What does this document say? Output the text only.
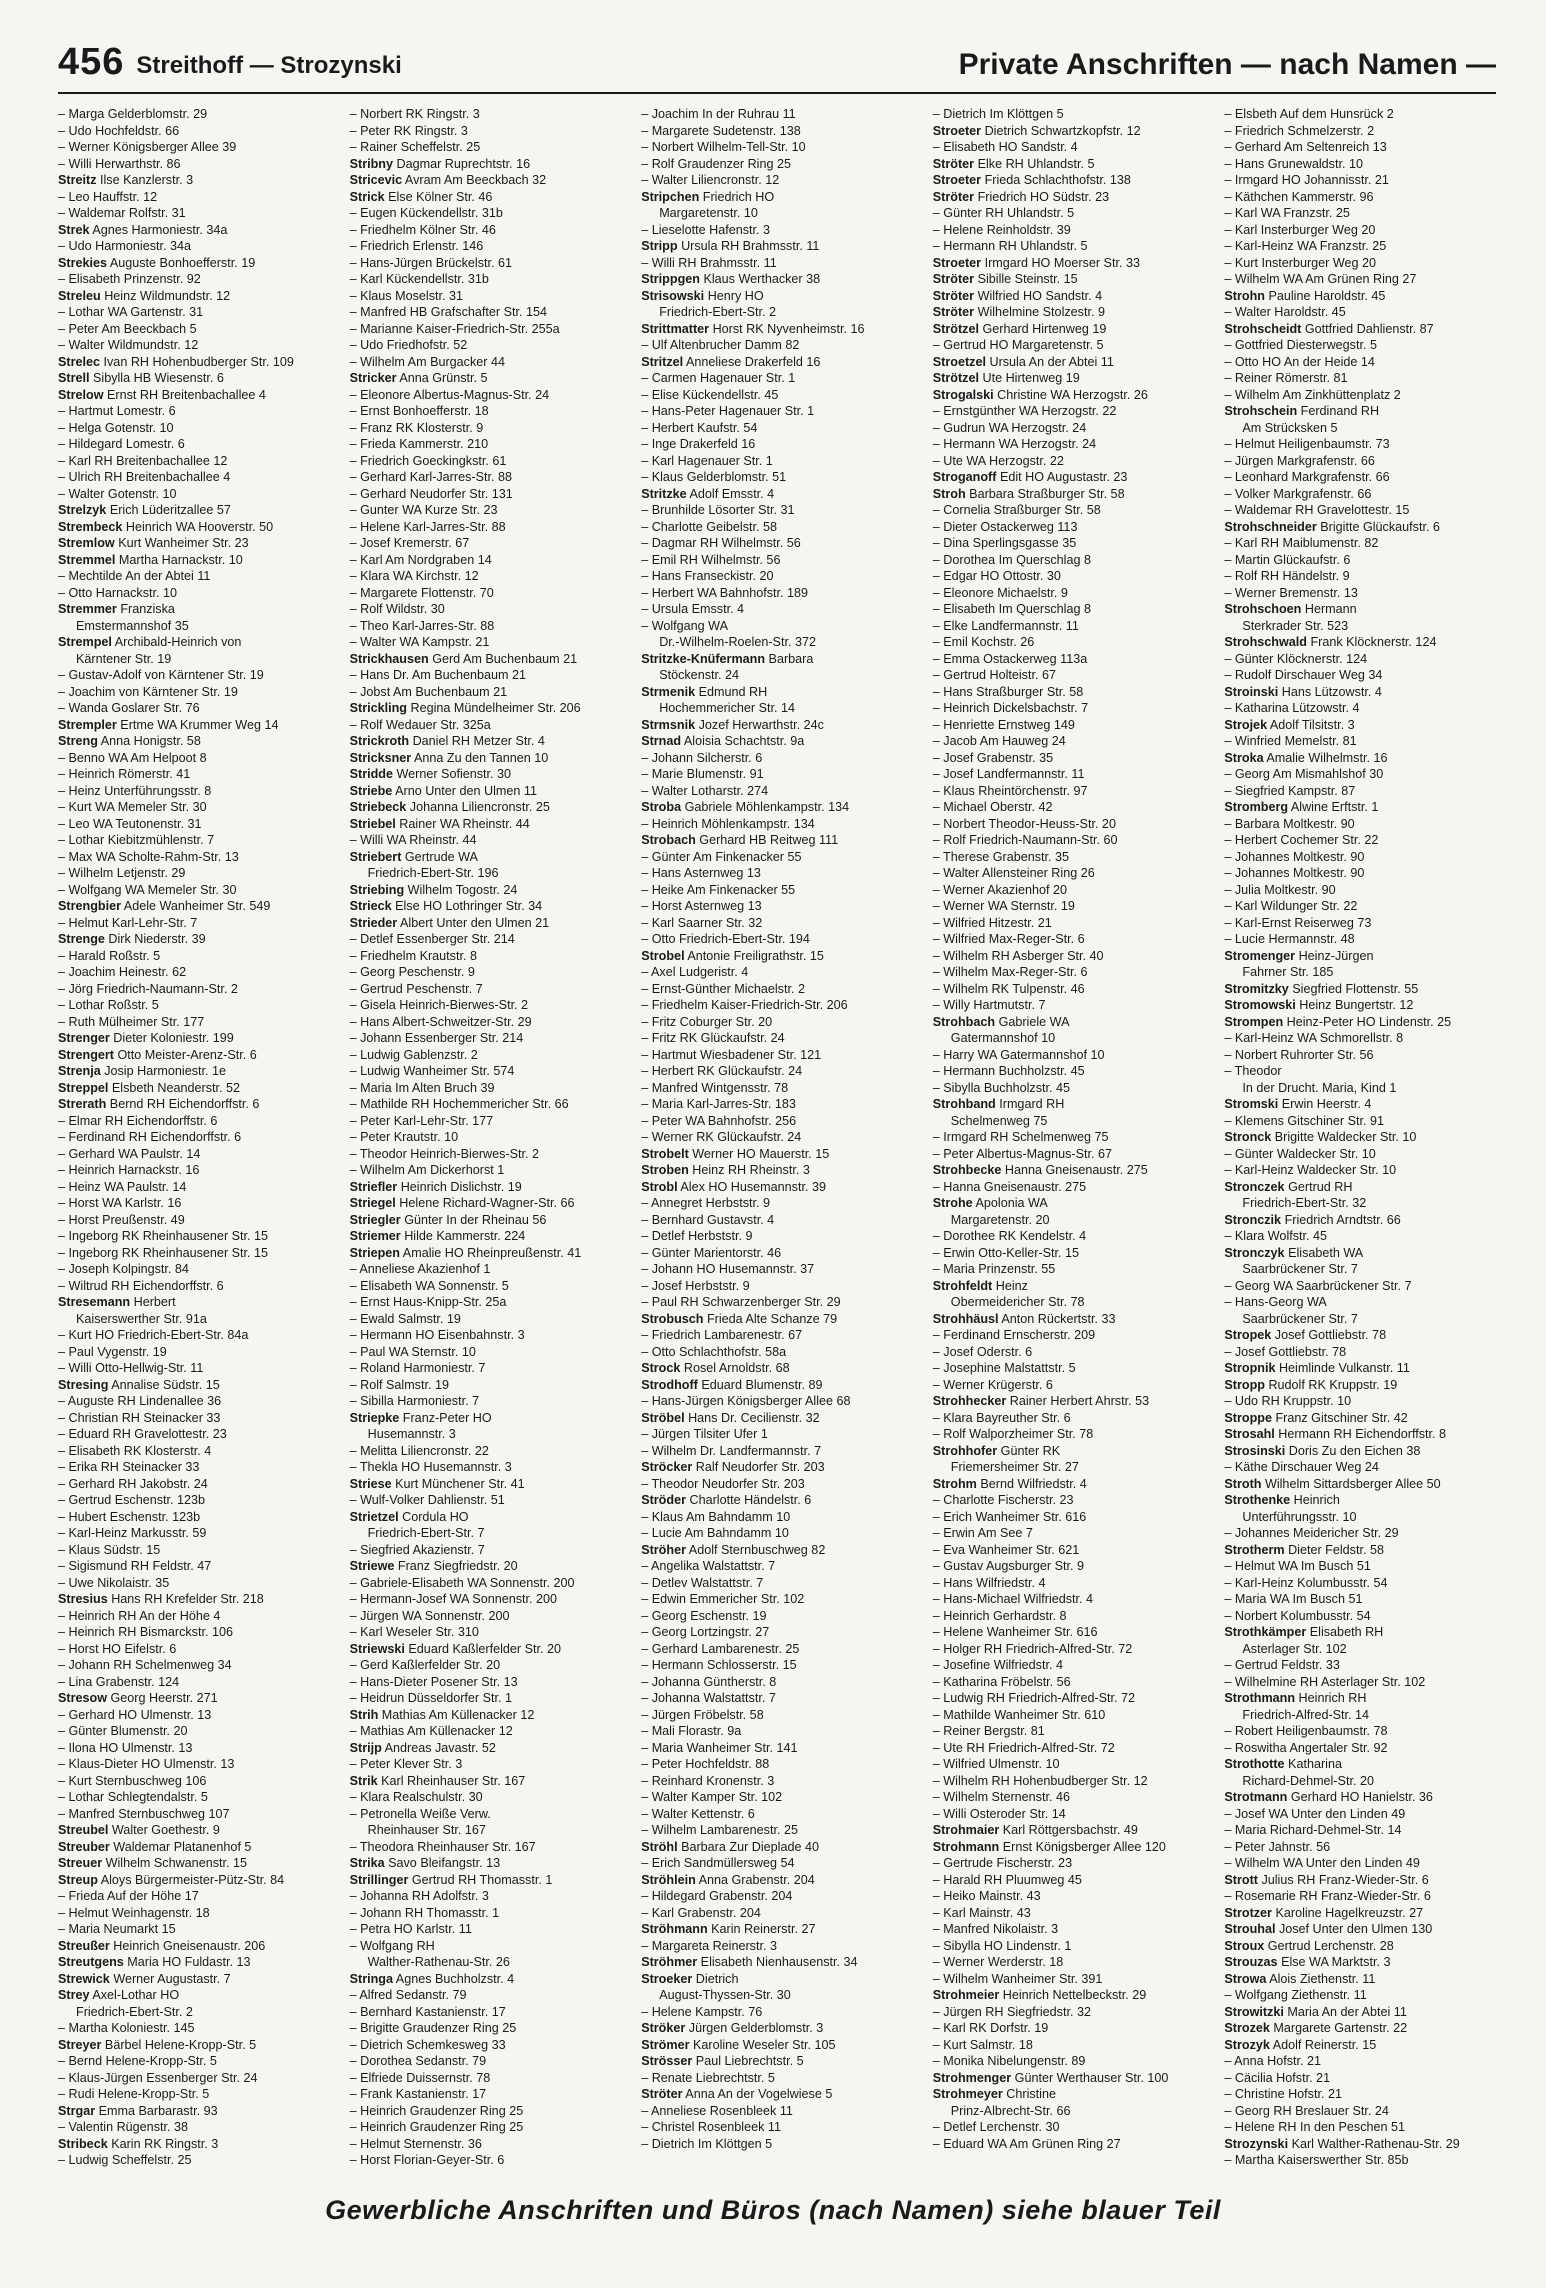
456 Streithoff — Strozynski	Private Anschriften — nach Namen —
– Marga Gelderblomstr. 29
– Udo Hochfeldstr. 66
– Werner Königsberger Allee 39
– Willi Herwarthstr. 86
Streitz Ilse Kanzlerstr. 3
– Leo Hauffstr. 12
– Waldemar Rolfstr. 31
Strek Agnes Harmoniestr. 34a
– Udo Harmoniestr. 34a
Strekies Auguste Bonhoefferstr. 19
– Elisabeth Prinzenstr. 92
Streleu Heinz Wildmundstr. 12
– Lothar WA Gartenstr. 31
– Peter Am Beeckbach 5
– Walter Wildmundstr. 12
Strelec Ivan RH Hohenbudberger Str. 109
Strell Sibylla HB Wiesenstr. 6
Strelow Ernst RH Breitenbachallee 4
– Hartmut Lomestr. 6
– Helga Gotenstr. 10
– Hildegard Lomestr. 6
– Karl RH Breitenbachallee 12
– Ulrich RH Breitenbachallee 4
– Walter Gotenstr. 10
Strelzyk Erich Lüderitzallee 57
Strembeck Heinrich WA Hooverstr. 50
Stremlow Kurt Wanheimer Str. 23
Stremmel Martha Harnackstr. 10
– Mechtilde An der Abtei 11
– Otto Harnackstr. 10
Stremmer Franziska
Emstermannshof 35
Strempel Archibald-Heinrich von
Kärntener Str. 19
– Gustav-Adolf von Kärntener Str. 19
– Joachim von Kärntener Str. 19
– Wanda Goslarer Str. 76
Strempler Ertme WA Krummer Weg 14
Streng Anna Honigstr. 58
– Benno WA Am Helpoot 8
– Heinrich Römerstr. 41
– Heinz Unterführungsstr. 8
– Kurt WA Memeler Str. 30
– Leo WA Teutonenstr. 31
– Lothar Kiebitzmühlenstr. 7
– Max WA Scholte-Rahm-Str. 13
– Wilhelm Letjenstr. 29
– Wolfgang WA Memeler Str. 30
Strengbier Adele Wanheimer Str. 549
– Helmut Karl-Lehr-Str. 7
Strenge Dirk Niederstr. 39
– Harald Roßstr. 5
– Joachim Heinestr. 62
– Jörg Friedrich-Naumann-Str. 2
– Lothar Roßstr. 5
– Ruth Mülheimer Str. 177
Strenger Dieter Koloniestr. 199
Strengert Otto Meister-Arenz-Str. 6
Strenja Josip Harmoniestr. 1e
Streppel Elsbeth Neanderstr. 52
Strerath Bernd RH Eichendorffstr. 6
– Elmar RH Eichendorffstr. 6
– Ferdinand RH Eichendorffstr. 6
– Gerhard WA Paulstr. 14
– Heinrich Harnackstr. 16
– Heinz WA Paulstr. 14
– Horst WA Karlstr. 16
– Horst Preußenstr. 49
– Ingeborg RK Rheinhausener Str. 15
– Ingeborg RK Rheinhausener Str. 15
– Joseph Kolpingstr. 84
– Wiltrud RH Eichendorffstr. 6
Stresemann Herbert
Kaiserswerther Str. 91a
– Kurt HO Friedrich-Ebert-Str. 84a
– Paul Vygenstr. 19
– Willi Otto-Hellwig-Str. 11
Stresing Annalise Südstr. 15
– Auguste RH Lindenallee 36
– Christian RH Steinacker 33
– Eduard RH Gravelottestr. 23
– Elisabeth RK Klosterstr. 4
– Erika RH Steinacker 33
– Gerhard RH Jakobstr. 24
– Gertrud Eschenstr. 123b
– Hubert Eschenstr. 123b
– Karl-Heinz Markusstr. 59
– Klaus Südstr. 15
– Sigismund RH Feldstr. 47
– Uwe Nikolaistr. 35
Stresius Hans RH Krefelder Str. 218
– Heinrich RH An der Höhe 4
– Heinrich RH Bismarckstr. 106
– Horst HO Eifelstr. 6
– Johann RH Schelmenweg 34
– Lina Grabenstr. 124
Stresow Georg Heerstr. 271
– Gerhard HO Ulmenstr. 13
– Günter Blumenstr. 20
– Ilona HO Ulmenstr. 13
– Klaus-Dieter HO Ulmenstr. 13
– Kurt Sternbuschweg 106
– Lothar Schlegtendalstr. 5
– Manfred Sternbuschweg 107
Streubel Walter Goethestr. 9
Streuber Waldemar Platanenhof 5
Streuer Wilhelm Schwanenstr. 15
Streup Aloys Bürgermeister-Pütz-Str. 84
– Frieda Auf der Höhe 17
– Helmut Weinhagenstr. 18
– Maria Neumarkt 15
Streußer Heinrich Gneisenaustr. 206
Streutgens Maria HO Fuldastr. 13
Strewick Werner Augustastr. 7
Strey Axel-Lothar HO
Friedrich-Ebert-Str. 2
– Martha Koloniestr. 145
Streyer Bärbel Helene-Kropp-Str. 5
– Bernd Helene-Kropp-Str. 5
– Klaus-Jürgen Essenberger Str. 24
– Rudi Helene-Kropp-Str. 5
Strgar Emma Barbarastr. 93
– Valentin Rügenstr. 38
Stribeck Karin RK Ringstr. 3
– Ludwig Scheffelstr. 25
– Norbert RK Ringstr. 3
– Peter RK Ringstr. 3
– Rainer Scheffelstr. 25
Stribny Dagmar Ruprechtstr. 16
Stricevic Avram Am Beeckbach 32
Strick Else Kölner Str. 46
– Eugen Kückendellstr. 31b
– Friedhelm Kölner Str. 46
– Friedrich Erlenstr. 146
– Hans-Jürgen Brückelstr. 61
– Karl Kückendellstr. 31b
– Klaus Moselstr. 31
– Manfred HB Grafschafter Str. 154
– Marianne Kaiser-Friedrich-Str. 255a
– Udo Friedhofstr. 52
– Wilhelm Am Burgacker 44
Stricker Anna Grünstr. 5
– Eleonore Albertus-Magnus-Str. 24
– Ernst Bonhoefferstr. 18
– Franz RK Klosterstr. 9
– Frieda Kammerstr. 210
– Friedrich Goeckingkstr. 61
– Gerhard Karl-Jarres-Str. 88
– Gerhard Neudorfer Str. 131
– Gunter WA Kurze Str. 23
– Helene Karl-Jarres-Str. 88
– Josef Kremerstr. 67
– Karl Am Nordgraben 14
– Klara WA Kirchstr. 12
– Margarete Flottenstr. 70
– Rolf Wildstr. 30
– Theo Karl-Jarres-Str. 88
– Walter WA Kampstr. 21
Strickhausen Gerd Am Buchenbaum 21
– Hans Dr. Am Buchenbaum 21
– Jobst Am Buchenbaum 21
Strickling Regina Mündelheimer Str. 206
– Rolf Wedauer Str. 325a
Strickroth Daniel RH Metzer Str. 4
Stricksner Anna Zu den Tannen 10
Stridde Werner Sofienstr. 30
Striebe Arno Unter den Ulmen 11
Striebeck Johanna Liliencronstr. 25
Striebel Rainer WA Rheinstr. 44
– Willi WA Rheinstr. 44
Striebert Gertrude WA
Friedrich-Ebert-Str. 196
Striebing Wilhelm Togostr. 24
Strieck Else HO Lothringer Str. 34
Strieder Albert Unter den Ulmen 21
– Detlef Essenberger Str. 214
– Friedhelm Krautstr. 8
– Georg Peschenstr. 9
– Gertrud Peschenstr. 7
– Gisela Heinrich-Bierwes-Str. 2
– Hans Albert-Schweitzer-Str. 29
– Johann Essenberger Str. 214
– Ludwig Gablenzstr. 2
– Ludwig Wanheimer Str. 574
– Maria Im Alten Bruch 39
– Mathilde RH Hochemmericher Str. 66
– Peter Karl-Lehr-Str. 177
– Peter Krautstr. 10
– Theodor Heinrich-Bierwes-Str. 2
– Wilhelm Am Dickerhorst 1
Striefler Heinrich Dislichstr. 19
Striegel Helene Richard-Wagner-Str. 66
Striegler Günter In der Rheinau 56
Striemer Hilde Kammerstr. 224
Striepen Amalie HO Rheinpreußenstr. 41
– Anneliese Akazienhof 1
– Elisabeth WA Sonnenstr. 5
– Ernst Haus-Knipp-Str. 25a
– Ewald Salmstr. 19
– Hermann HO Eisenbahnstr. 3
– Paul WA Sternstr. 10
– Roland Harmoniestr. 7
– Rolf Salmstr. 19
– Sibilla Harmoniestr. 7
Striepke Franz-Peter HO
Husemannstr. 3
– Melitta Liliencronstr. 22
– Thekla HO Husemannstr. 3
Striese Kurt Münchener Str. 41
– Wulf-Volker Dahlienstr. 51
Strietzel Cordula HO
Friedrich-Ebert-Str. 7
– Siegfried Akazienstr. 7
Striewe Franz Siegfriedstr. 20
– Gabriele-Elisabeth WA Sonnenstr. 200
– Hermann-Josef WA Sonnenstr. 200
– Jürgen WA Sonnenstr. 200
– Karl Weseler Str. 310
Striewski Eduard Kaßlerfelder Str. 20
– Gerd Kaßlerfelder Str. 20
– Hans-Dieter Posener Str. 13
– Heidrun Düsseldorfer Str. 1
Strih Mathias Am Küllenacker 12
– Mathias Am Küllenacker 12
Strijp Andreas Javastr. 52
– Peter Klever Str. 3
Strik Karl Rheinhauser Str. 167
– Klara Realschulstr. 30
– Petronella Weiße Verw.
Rheinhauser Str. 167
– Theodora Rheinhauser Str. 167
Strika Savo Bleifangstr. 13
Strillinger Gertrud RH Thomasstr. 1
– Johanna RH Adolfstr. 3
– Johann RH Thomasstr. 1
– Petra HO Karlstr. 11
– Wolfgang RH
Walther-Rathenau-Str. 26
Stringa Agnes Buchholzstr. 4
– Alfred Sedanstr. 79
– Bernhard Kastanienstr. 17
– Brigitte Graudenzer Ring 25
– Dietrich Schemkesweg 33
– Dorothea Sedanstr. 79
– Elfriede Duissernstr. 78
– Frank Kastanienstr. 17
– Heinrich Graudenzer Ring 25
– Heinrich Graudenzer Ring 25
– Helmut Sternenstr. 36
– Horst Florian-Geyer-Str. 6
– Joachim In der Ruhrau 11
– Margarete Sudetenstr. 138
– Norbert Wilhelm-Tell-Str. 10
– Rolf Graudenzer Ring 25
– Walter Liliencronstr. 12
Stripchen Friedrich HO
Margaretenstr. 10
– Lieselotte Hafenstr. 3
Stripp Ursula RH Brahmsstr. 11
– Willi RH Brahmsstr. 11
Strippgen Klaus Werthacker 38
Strisowski Henry HO
Friedrich-Ebert-Str. 2
Strittmatter Horst RK Nyvenheimstr. 16
– Ulf Altenbrucher Damm 82
Stritzel Anneliese Drakerfeld 16
– Carmen Hagenauer Str. 1
– Elise Kückendellstr. 45
– Hans-Peter Hagenauer Str. 1
– Herbert Kaufstr. 54
– Inge Drakerfeld 16
– Karl Hagenauer Str. 1
– Klaus Gelderblomstr. 51
Stritzke Adolf Emsstr. 4
– Brunhilde Lösorter Str. 31
– Charlotte Geibelstr. 58
– Dagmar RH Wilhelmstr. 56
– Emil RH Wilhelmstr. 56
– Hans Franseckistr. 20
– Herbert WA Bahnhofstr. 189
– Ursula Emsstr. 4
– Wolfgang WA
Dr.-Wilhelm-Roelen-Str. 372
Stritzke-Knüfermann Barbara
Stöckenstr. 24
Strmenik Edmund RH
Hochemmericher Str. 14
Strmsnik Jozef Herwarthstr. 24c
Strnad Aloisia Schachtstr. 9a
– Johann Silcherstr. 6
– Marie Blumenstr. 91
– Walter Lotharstr. 274
Stroba Gabriele Möhlenkampstr. 134
– Heinrich Möhlenkampstr. 134
Strobach Gerhard HB Reitweg 111
– Günter Am Finkenacker 55
– Hans Asternweg 13
– Heike Am Finkenacker 55
– Horst Asternweg 13
– Karl Saarner Str. 32
– Otto Friedrich-Ebert-Str. 194
Strobel Antonie Freiligrathstr. 15
– Axel Ludgeristr. 4
– Ernst-Günther Michaelstr. 2
– Friedhelm Kaiser-Friedrich-Str. 206
– Fritz Coburger Str. 20
– Fritz RK Glückaufstr. 24
– Hartmut Wiesbadener Str. 121
– Herbert RK Glückaufstr. 24
– Manfred Wintgensstr. 78
– Maria Karl-Jarres-Str. 183
– Peter WA Bahnhofstr. 256
– Werner RK Glückaufstr. 24
Strobelt Werner HO Mauerstr. 15
Stroben Heinz RH Rheinstr. 3
Strobl Alex HO Husemannstr. 39
– Annegret Herbststr. 9
– Bernhard Gustavstr. 4
– Detlef Herbststr. 9
– Günter Marientorstr. 46
– Johann HO Husemannstr. 37
– Josef Herbststr. 9
– Paul RH Schwarzenberger Str. 29
Strobusch Frieda Alte Schanze 79
– Friedrich Lambarenestr. 67
– Otto Schlachthofstr. 58a
Strock Rosel Arnoldstr. 68
Strodhoff Eduard Blumenstr. 89
– Hans-Jürgen Königsberger Allee 68
Ströbel Hans Dr. Cecilienstr. 32
– Jürgen Tilsiter Ufer 1
– Wilhelm Dr. Landfermannstr. 7
Ströcker Ralf Neudorfer Str. 203
– Theodor Neudorfer Str. 203
Ströder Charlotte Händelstr. 6
– Klaus Am Bahndamm 10
– Lucie Am Bahndamm 10
Ströher Adolf Sternbuschweg 82
– Angelika Walstattstr. 7
– Detlev Walstattstr. 7
– Edwin Emmericher Str. 102
– Georg Eschenstr. 19
– Georg Lortzingstr. 27
– Gerhard Lambarenestr. 25
– Hermann Schlosserstr. 15
– Johanna Güntherstr. 8
– Johanna Walstattstr. 7
– Jürgen Fröbelstr. 58
– Mali Florastr. 9a
– Maria Wanheimer Str. 141
– Peter Hochfeldstr. 88
– Reinhard Kronenstr. 3
– Walter Kamper Str. 102
– Walter Kettenstr. 6
– Wilhelm Lambarenestr. 25
Ströhl Barbara Zur Dieplade 40
– Erich Sandmüllersweg 54
Ströhlein Anna Grabenstr. 204
– Hildegard Grabenstr. 204
– Karl Grabenstr. 204
Ströhmann Karin Reinerstr. 27
– Margareta Reinerstr. 3
Ströhmer Elisabeth Nienhausenstr. 34
Stroeker Dietrich
August-Thyssen-Str. 30
– Helene Kampstr. 76
Ströker Jürgen Gelderblomstr. 3
Strömer Karoline Weseler Str. 105
Strösser Paul Liebrechtstr. 5
– Renate Liebrechtstr. 5
Ströter Anna An der Vogelwiese 5
– Anneliese Rosenbleek 11
– Christel Rosenbleek 11
– Dietrich Im Klöttgen 5
– Dietrich Im Klöttgen 5
Stroeter Dietrich Schwartzkopfstr. 12
– Elisabeth HO Sandstr. 4
Ströter Elke RH Uhlandstr. 5
Stroeter Frieda Schlachthofstr. 138
Ströter Friedrich HO Südstr. 23
– Günter RH Uhlandstr. 5
– Helene Reinholdstr. 39
– Hermann RH Uhlandstr. 5
Stroeter Irmgard HO Moerser Str. 33
Ströter Sibille Steinstr. 15
Ströter Wilfried HO Sandstr. 4
Ströter Wilhelmine Stolzestr. 9
Strötzel Gerhard Hirtenweg 19
– Gertrud HO Margaretenstr. 5
Stroetzel Ursula An der Abtei 11
Strötzel Ute Hirtenweg 19
Strogalski Christine WA Herzogstr. 26
– Ernstgünther WA Herzogstr. 22
– Gudrun WA Herzogstr. 24
– Hermann WA Herzogstr. 24
– Ute WA Herzogstr. 22
Stroganoff Edit HO Augustastr. 23
Stroh Barbara Straßburger Str. 58
– Cornelia Straßburger Str. 58
– Dieter Ostackerweg 113
– Dina Sperlingsgasse 35
– Dorothea Im Querschlag 8
– Edgar HO Ottostr. 30
– Eleonore Michaelstr. 9
– Elisabeth Im Querschlag 8
– Elke Landfermannstr. 11
– Emil Kochstr. 26
– Emma Ostackerweg 113a
– Gertrud Holteistr. 67
– Hans Straßburger Str. 58
– Heinrich Dickelsbachstr. 7
– Henriette Ernstweg 149
– Jacob Am Hauweg 24
– Josef Grabenstr. 35
– Josef Landfermannstr. 11
– Klaus Rheintörchenstr. 97
– Michael Oberstr. 42
– Norbert Theodor-Heuss-Str. 20
– Rolf Friedrich-Naumann-Str. 60
– Therese Grabenstr. 35
– Walter Allensteiner Ring 26
– Werner Akazienhof 20
– Werner WA Sternstr. 19
– Wilfried Hitzestr. 21
– Wilfried Max-Reger-Str. 6
– Wilhelm RH Asberger Str. 40
– Wilhelm Max-Reger-Str. 6
– Wilhelm RK Tulpenstr. 46
– Willy Hartmutstr. 7
Strohbach Gabriele WA
Gatermannshof 10
– Harry WA Gatermannshof 10
– Hermann Buchholzstr. 45
– Sibylla Buchholzstr. 45
Strohband Irmgard RH
Schelmenweg 75
– Irmgard RH Schelmenweg 75
– Peter Albertus-Magnus-Str. 67
Strohbecke Hanna Gneisenaustr. 275
– Hanna Gneisenaustr. 275
Strohe Apolonia WA
Margaretenstr. 20
– Dorothee RK Kendelstr. 4
– Erwin Otto-Keller-Str. 15
– Maria Prinzenstr. 55
Strohfeldt Heinz
Obermeidericher Str. 78
Strohhäusl Anton Rückertstr. 33
– Ferdinand Ernscherstr. 209
– Josef Oderstr. 6
– Josephine Malstattstr. 5
– Werner Krügerstr. 6
Strohhecker Rainer Herbert Ahrstr. 53
– Klara Bayreuther Str. 6
– Rolf Walporzheimer Str. 78
Strohhofer Günter RK
Friemersheimer Str. 27
Strohm Bernd Wilfriedstr. 4
– Charlotte Fischerstr. 23
– Erich Wanheimer Str. 616
– Erwin Am See 7
– Eva Wanheimer Str. 621
– Gustav Augsburger Str. 9
– Hans Wilfriedstr. 4
– Hans-Michael Wilfriedstr. 4
– Heinrich Gerhardstr. 8
– Helene Wanheimer Str. 616
– Holger RH Friedrich-Alfred-Str. 72
– Josefine Wilfriedstr. 4
– Katharina Fröbelstr. 56
– Ludwig RH Friedrich-Alfred-Str. 72
– Mathilde Wanheimer Str. 610
– Reiner Bergstr. 81
– Ute RH Friedrich-Alfred-Str. 72
– Wilfried Ulmenstr. 10
– Wilhelm RH Hohenbudberger Str. 12
– Wilhelm Sternenstr. 46
– Willi Osteroder Str. 14
Strohmaier Karl Röttgersbachstr. 49
Strohmann Ernst Königsberger Allee 120
– Gertrude Fischerstr. 23
– Harald RH Pluumweg 45
– Heiko Mainstr. 43
– Karl Mainstr. 43
– Manfred Nikolaistr. 3
– Sibylla HO Lindenstr. 1
– Werner Werderstr. 18
– Wilhelm Wanheimer Str. 391
Strohmeier Heinrich Nettelbeckstr. 29
– Jürgen RH Siegfriedstr. 32
– Karl RK Dorfstr. 19
– Kurt Salmstr. 18
– Monika Nibelungenstr. 89
Strohmenger Günter Werthauser Str. 100
Strohmeyer Christine
Prinz-Albrecht-Str. 66
– Detlef Lerchenstr. 30
– Eduard WA Am Grünen Ring 27
– Elsbeth Auf dem Hunsrück 2
– Friedrich Schmelzerstr. 2
– Gerhard Am Seltenreich 13
– Hans Grunewaldstr. 10
– Irmgard HO Johannisstr. 21
– Käthchen Kammerstr. 96
– Karl WA Franzstr. 25
– Karl Insterburger Weg 20
– Karl-Heinz WA Franzstr. 25
– Kurt Insterburger Weg 20
– Wilhelm WA Am Grünen Ring 27
Strohn Pauline Haroldstr. 45
– Walter Haroldstr. 45
Strohscheidt Gottfried Dahlienstr. 87
– Gottfried Diesterwegstr. 5
– Otto HO An der Heide 14
– Reiner Römerstr. 81
– Wilhelm Am Zinkhüttenplatz 2
Strohschein Ferdinand RH
Am Strücksken 5
– Helmut Heiligenbaumstr. 73
– Jürgen Markgrafenstr. 66
– Leonhard Markgrafenstr. 66
– Volker Markgrafenstr. 66
– Waldemar RH Gravelottestr. 15
Strohschneider Brigitte Glückaufstr. 6
– Karl RH Maiblumenstr. 82
– Martin Glückaufstr. 6
– Rolf RH Händelstr. 9
– Werner Bremenstr. 13
Strohschoen Hermann
Sterkrader Str. 523
Strohschwald Frank Klöcknerstr. 124
– Günter Klöcknerstr. 124
– Rudolf Dirschauer Weg 34
Stroinski Hans Lützowstr. 4
– Katharina Lützowstr. 4
Strojek Adolf Tilsitstr. 3
– Winfried Memelstr. 81
Stroka Amalie Wilhelmstr. 16
– Georg Am Mismahlshof 30
– Siegfried Kampstr. 87
Stromberg Alwine Erftstr. 1
– Barbara Moltkestr. 90
– Herbert Cochemer Str. 22
– Johannes Moltkestr. 90
– Johannes Moltkestr. 90
– Julia Moltkestr. 90
– Karl Wildunger Str. 22
– Karl-Ernst Reiserweg 73
– Lucie Hermannstr. 48
Stromenger Heinz-Jürgen
Fahrner Str. 185
Stromitzky Siegfried Flottenstr. 55
Stromowski Heinz Bungertstr. 12
Strompen Heinz-Peter HO Lindenstr. 25
– Karl-Heinz WA Schmorellstr. 8
– Norbert Ruhrorter Str. 56
– Theodor
In der Drucht. Maria, Kind 1
Stromski Erwin Heerstr. 4
– Klemens Gitschiner Str. 91
Stronck Brigitte Waldecker Str. 10
– Günter Waldecker Str. 10
– Karl-Heinz Waldecker Str. 10
Stronczek Gertrud RH
Friedrich-Ebert-Str. 32
Stronczik Friedrich Arndtstr. 66
– Klara Wolfstr. 45
Stronczyk Elisabeth WA
Saarbrückener Str. 7
– Georg WA Saarbrückener Str. 7
– Hans-Georg WA
Saarbrückener Str. 7
Stropek Josef Gottliebstr. 78
– Josef Gottliebstr. 78
Stropnik Heimlinde Vulkanstr. 11
Stropp Rudolf RK Kruppstr. 19
– Udo RH Kruppstr. 10
Stroppe Franz Gitschiner Str. 42
Strosahl Hermann RH Eichendorffstr. 8
Strosinski Doris Zu den Eichen 38
– Käthe Dirschauer Weg 24
Stroth Wilhelm Sittardsberger Allee 50
Strothenke Heinrich
Unterführungsstr. 10
– Johannes Meidericher Str. 29
Strotherm Dieter Feldstr. 58
– Helmut WA Im Busch 51
– Karl-Heinz Kolumbusstr. 54
– Maria WA Im Busch 51
– Norbert Kolumbusstr. 54
Strothkämper Elisabeth RH
Asterlager Str. 102
– Gertrud Feldstr. 33
– Wilhelmine RH Asterlager Str. 102
Strothmann Heinrich RH
Friedrich-Alfred-Str. 14
– Robert Heiligenbaumstr. 78
– Roswitha Angertaler Str. 92
Strothotte Katharina
Richard-Dehmel-Str. 20
Strotmann Gerhard HO Hanielstr. 36
– Josef WA Unter den Linden 49
– Maria Richard-Dehmel-Str. 14
– Peter Jahnstr. 56
– Wilhelm WA Unter den Linden 49
Strott Julius RH Franz-Wieder-Str. 6
– Rosemarie RH Franz-Wieder-Str. 6
Strotzer Karoline Hagelkreuzstr. 27
Strouhal Josef Unter den Ulmen 130
Stroux Gertrud Lerchenstr. 28
Strouzas Else WA Marktstr. 3
Strowa Alois Ziethenstr. 11
– Wolfgang Ziethenstr. 11
Strowitzki Maria An der Abtei 11
Strozek Margarete Gartenstr. 22
Strozyk Adolf Reinerstr. 15
– Anna Hofstr. 21
– Cäcilia Hofstr. 21
– Christine Hofstr. 21
– Georg RH Breslauer Str. 24
– Helene RH In den Peschen 51
Strozynski Karl Walther-Rathenau-Str. 29
– Martha Kaiserswerther Str. 85b
Gewerbliche Anschriften und Büros (nach Namen) siehe blauer Teil
